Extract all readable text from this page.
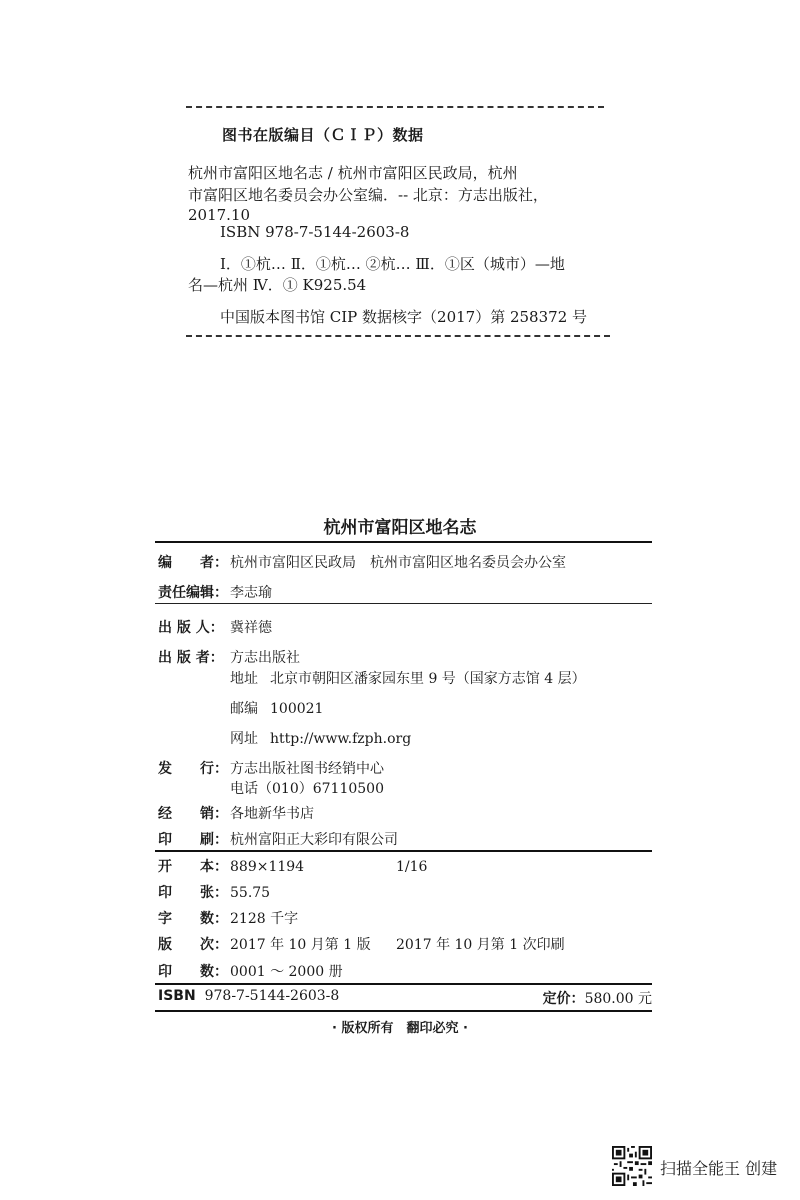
图书在版编目（ＣＩＰ）数据
杭州市富阳区地名志 / 杭州市富阳区民政局，杭州
市富阳区地名委员会办公室编．-- 北京：方志出版社，
2017.10
ISBN 978-7-5144-2603-8
Ⅰ．①杭… Ⅱ．①杭… ②杭… Ⅲ．①区（城市）—地
名—杭州 Ⅳ．① K925.54
中国版本图书馆 CIP 数据核字（2017）第 258372 号
杭州市富阳区地名志
编　　者： 杭州市富阳区民政局　杭州市富阳区地名委员会办公室
责任编辑： 李志瑜
出 版 人： 冀祥德
出 版 者： 方志出版社
地址 北京市朝阳区潘家园东里 9 号（国家方志馆 4 层）
邮编 100021
网址 http://www.fzph.org
发　　行： 方志出版社图书经销中心
电话（010）67110500
经　　销： 各地新华书店
印　　刷： 杭州富阳正大彩印有限公司
开　　本： 889×1194	1/16
印　　张： 55.75
字　　数： 2128 千字
版　　次： 2017 年 10 月第 1 版 2017 年 10 月第 1 次印刷
印　　数： 0001 ～ 2000 册
ISBN 978-7-5144-2603-8	定价：580.00 元
· 版权所有　翻印必究 ·
扫描全能王 创建
